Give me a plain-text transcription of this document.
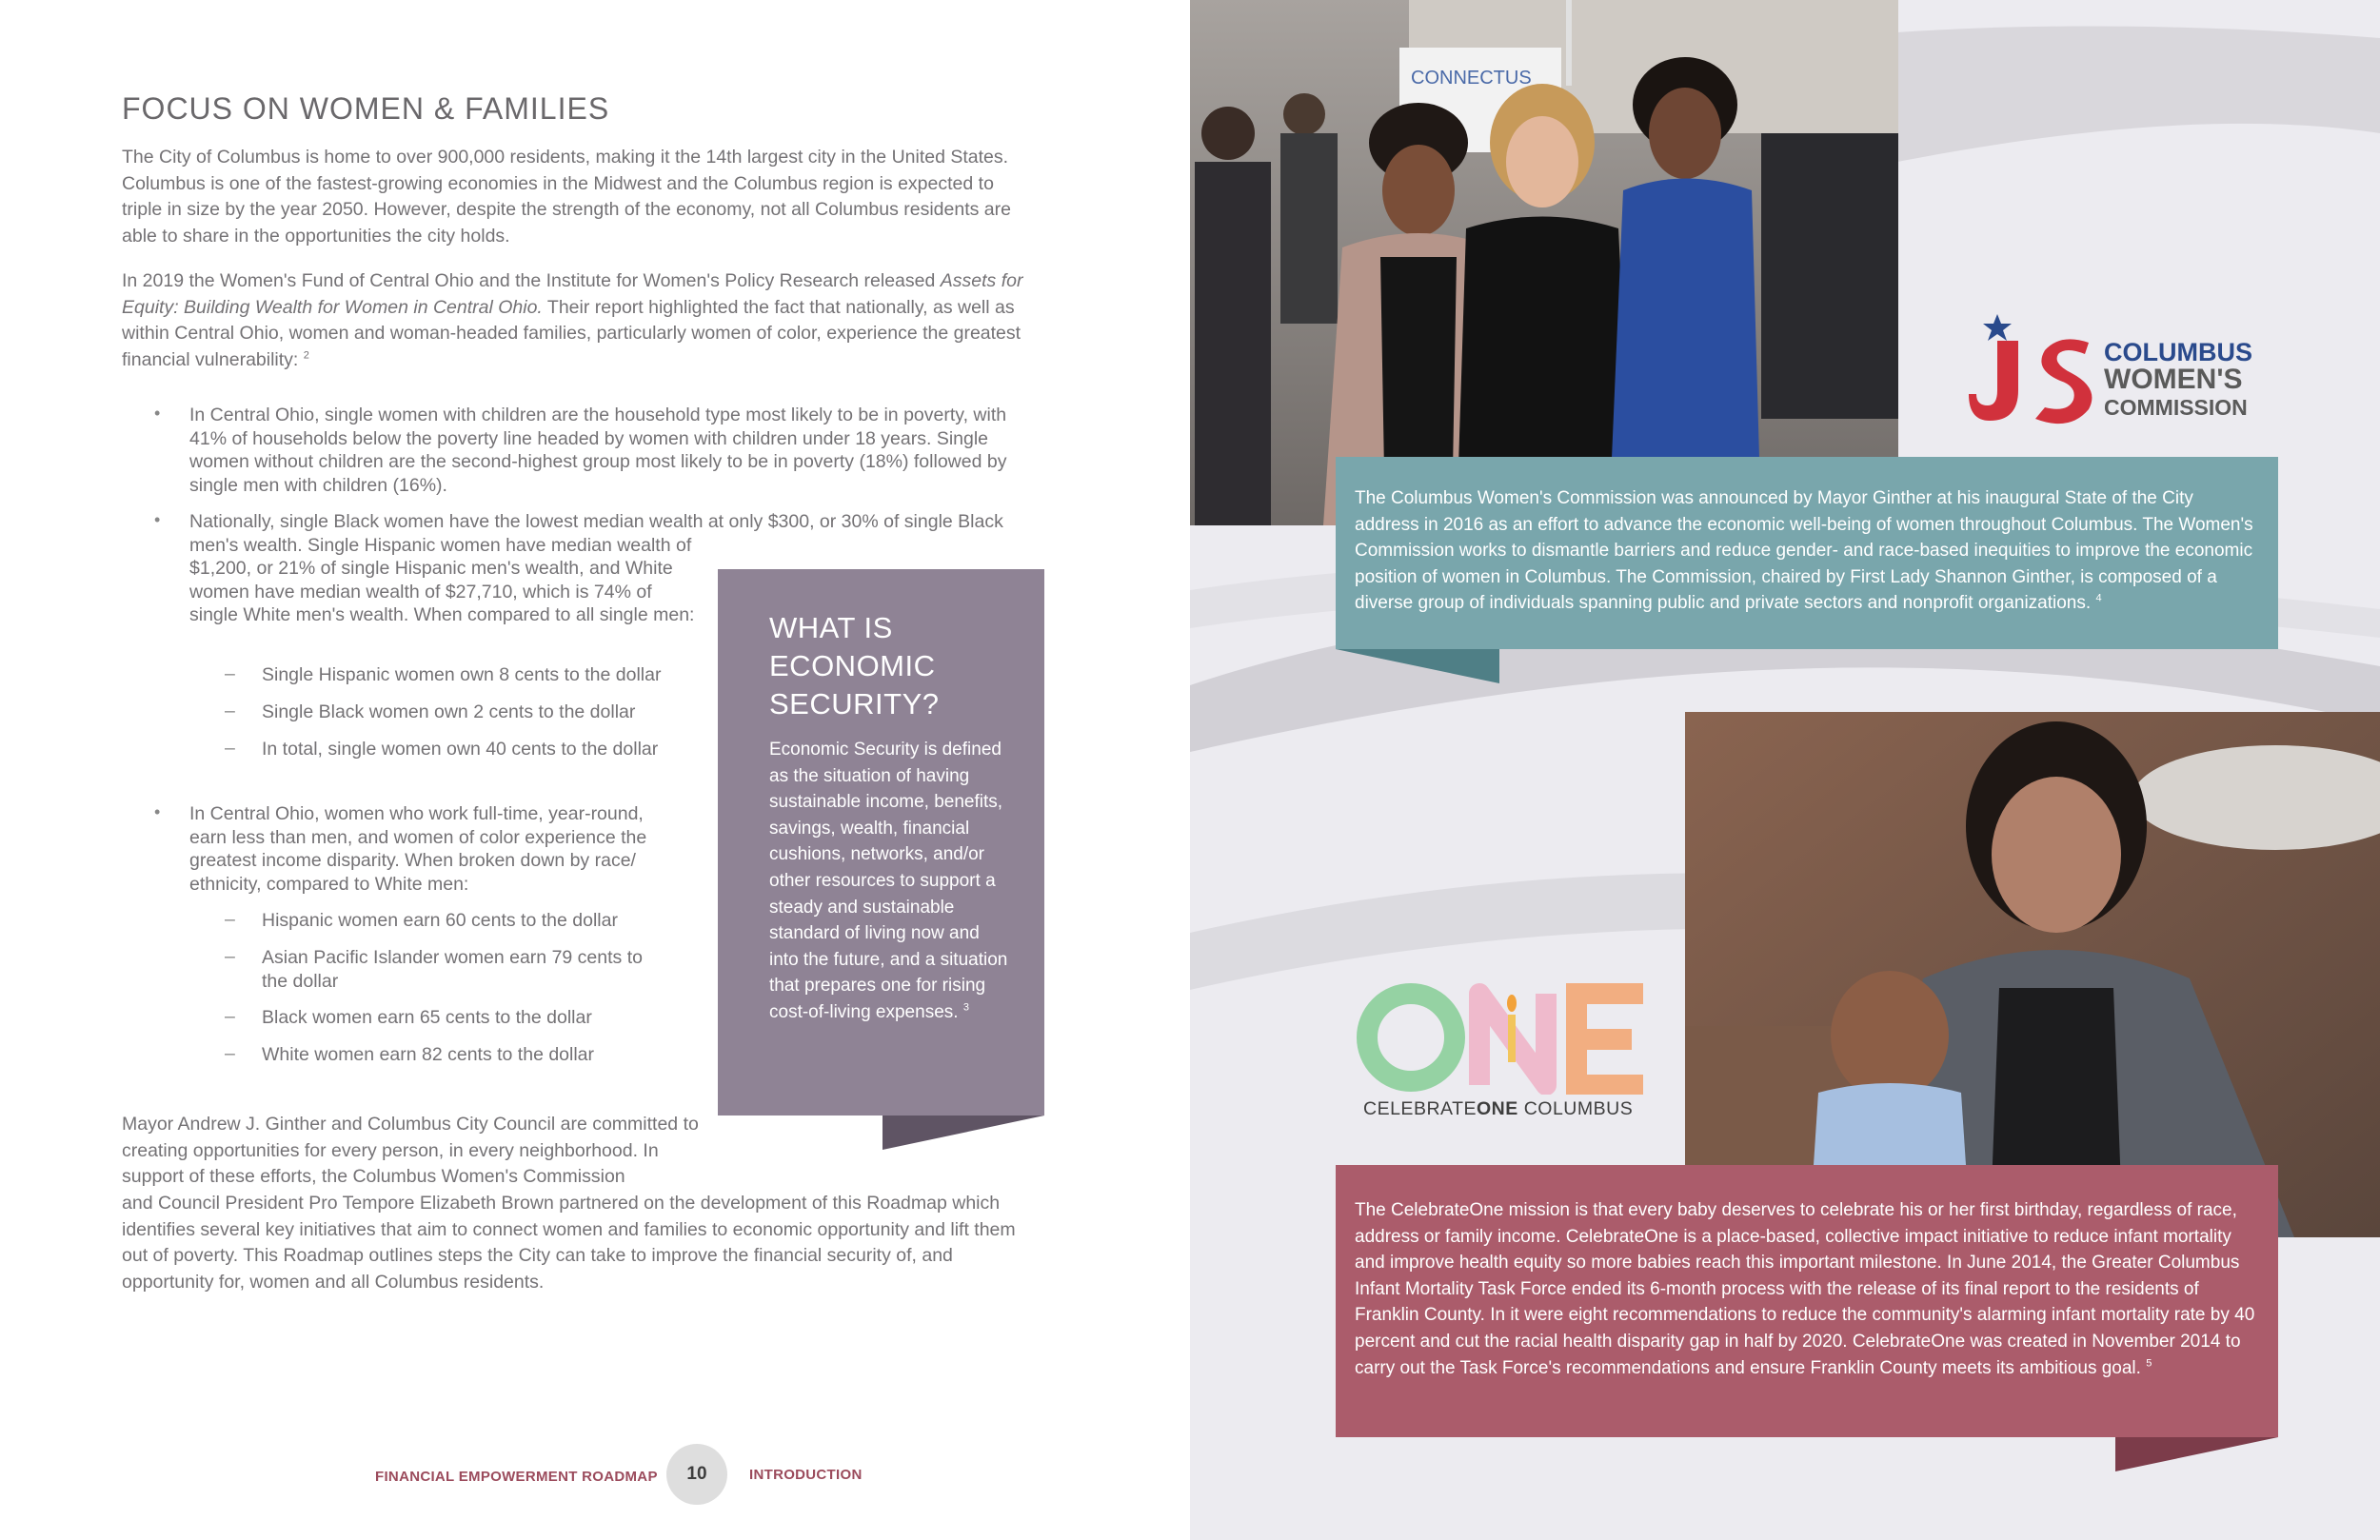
FOCUS ON WOMEN & FAMILIES

The City of Columbus is home to over 900,000 residents, making it the 14th largest city in the United States. Columbus is one of the fastest-growing economies in the Midwest and the Columbus region is expected to triple in size by the year 2050. However, despite the strength of the economy, not all Columbus residents are able to share in the opportunities the city holds.

In 2019 the Women's Fund of Central Ohio and the Institute for Women's Policy Research released Assets for Equity: Building Wealth for Women in Central Ohio. Their report highlighted the fact that nationally, as well as within Central Ohio, women and woman-headed families, particularly women of color, experience the greatest financial vulnerability: $^2$

• In Central Ohio, single women with children are the household type most likely to be in poverty, with 41% of households below the poverty line headed by women with children under 18 years. Single women without children are the second-highest group most likely to be in poverty (18%) followed by single men with children (16%).

• Nationally, single Black women have the lowest median wealth at only $300, or 30% of single Black

men's wealth. Single Hispanic women have median wealth of $1,200, or 21% of single Hispanic men's wealth, and White women have median wealth of $27,710, which is 74% of single White men's wealth. When compared to all single men:

– Single Hispanic women own 8 cents to the dollar
– Single Black women own 2 cents to the dollar
– In total, single women own 40 cents to the dollar
• In Central Ohio, women who work full-time, year-round, earn less than men, and women of color experience the greatest income disparity. When broken down by race/ ethnicity, compared to White men:

– Hispanic women earn 60 cents to the dollar
– Asian Pacific Islander women earn 79 cents to the dollar
– Black women earn 65 cents to the dollar
– White women earn 82 cents to the dollar
WHAT IS ECONOMIC SECURITY?
Economic Security is defined as the situation of having sustainable income, benefits, savings, wealth, financial cushions, networks, and/or other resources to support a steady and sustainable standard of living now and into the future, and a situation that prepares one for rising cost-of-living expenses. $^3$

Mayor Andrew J. Ginther and Columbus City Council are committed to creating opportunities for every person, in every neighborhood. In support of these efforts, the Columbus Women's Commission

and Council President Pro Tempore Elizabeth Brown partnered on the development of this Roadmap which identifies several key initiatives that aim to connect women and families to economic opportunity and lift them out of poverty. This Roadmap outlines steps the City can take to improve the financial security of, and opportunity for, women and all Columbus residents.

FINANCIAL EMPOWERMENT ROADMAP	10	INTRODUCTION
CONNECTUS
COLUMBUS
WOMEN'S
COMMISSION
The Columbus Women's Commission was announced by Mayor Ginther at his inaugural State of the City address in 2016 as an effort to advance the economic well-being of women throughout Columbus. The Women's Commission works to dismantle barriers and reduce gender- and race-based inequities to improve the economic position of women in Columbus. The Commission, chaired by First Lady Shannon Ginther, is composed of a diverse group of individuals spanning public and private sectors and nonprofit organizations. $^4$
ONE
CELEBRATEONE COLUMBUS
The CelebrateOne mission is that every baby deserves to celebrate his or her first birthday, regardless of race, address or family income. CelebrateOne is a place-based, collective impact initiative to reduce infant mortality and improve health equity so more babies reach this important milestone. In June 2014, the Greater Columbus Infant Mortality Task Force ended its 6-month process with the release of its final report to the residents of Franklin County. In it were eight recommendations to reduce the community's alarming infant mortality rate by 40 percent and cut the racial health disparity gap in half by 2020. CelebrateOne was created in November 2014 to carry out the Task Force's recommendations and ensure Franklin County meets its ambitious goal. $^5$
